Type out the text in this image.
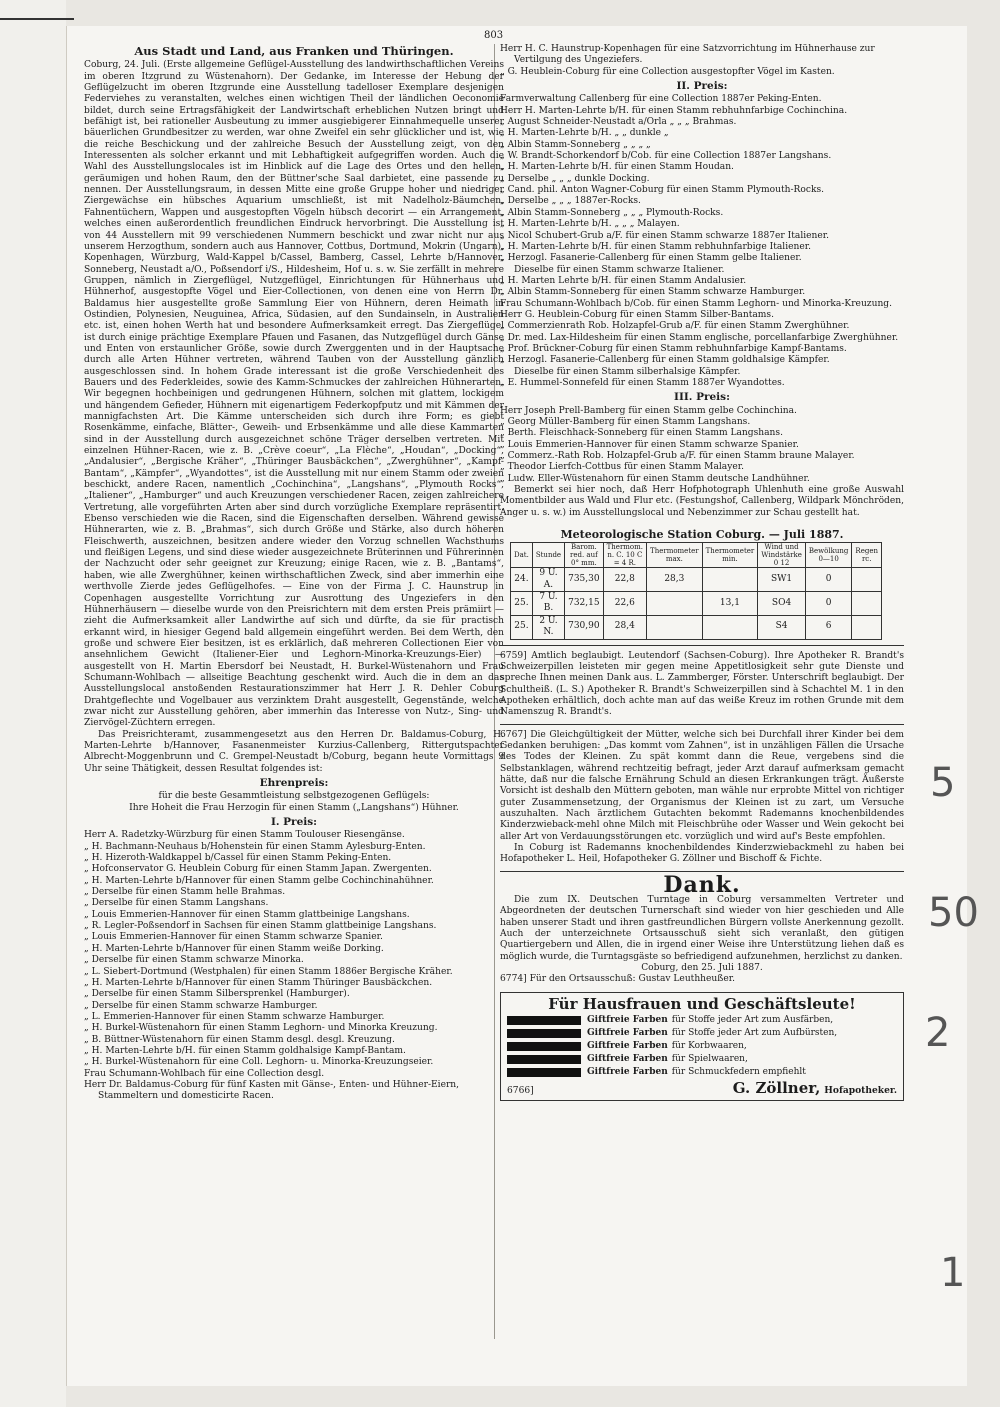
803
Aus Stadt und Land, aus Franken und Thüringen.

Coburg, 24. Juli. (Erste allgemeine Geflügel-Ausstellung des landwirthschaftlichen Vereins im oberen Itzgrund zu Wüstenahorn). Der Gedanke, im Interesse der Hebung der Geflügelzucht im oberen Itzgrunde eine Ausstellung tadelloser Exemplare desjenigen Federviehes zu veranstalten, welches einen wichtigen Theil der ländlichen Oeconomie bildet, durch seine Ertragsfähigkeit der Landwirtschaft erheblichen Nutzen bringt und befähigt ist, bei rationeller Ausbeutung zu immer ausgiebigerer Einnahmequelle unserer bäuerlichen Grundbesitzer zu werden, war ohne Zweifel ein sehr glücklicher und ist, wie die reiche Beschickung und der zahlreiche Besuch der Ausstellung zeigt, von den Interessenten als solcher erkannt und mit Lebhaftigkeit aufgegriffen worden. Auch die Wahl des Ausstellungslocales ist im Hinblick auf die Lage des Ortes und den hellen, geräumigen und hohen Raum, den der Büttner'sche Saal darbietet, eine passende zu nennen. Der Ausstellungsraum, in dessen Mitte eine große Gruppe hoher und niedriger Ziergewächse ein hübsches Aquarium umschließt, ist mit Nadelholz-Bäumchen, Fahnentüchern, Wappen und ausgestopften Vögeln hübsch decorirt — ein Arrangement, welches einen außerordentlich freundlichen Eindruck hervorbringt. Die Ausstellung ist von 44 Ausstellern mit 99 verschiedenen Nummern beschickt und zwar nicht nur aus unserem Herzogthum, sondern auch aus Hannover, Cottbus, Dortmund, Mokrin (Ungarn), Kopenhagen, Würzburg, Wald-Kappel b/Cassel, Bamberg, Cassel, Lehrte b/Hannover, Sonneberg, Neustadt a/O., Poßsendorf i/S., Hildesheim, Hof u. s. w. Sie zerfällt in mehrere Gruppen, nämlich in Ziergeflügel, Nutzgeflügel, Einrichtungen für Hühnerhaus und Hühnerhof, ausgestopfte Vögel und Eier-Collectionen, von denen eine von Herrn Dr. Baldamus hier ausgestellte große Sammlung Eier von Hühnern, deren Heimath in Ostindien, Polynesien, Neuguinea, Africa, Südasien, auf den Sundainseln, in Australien etc. ist, einen hohen Werth hat und besondere Aufmerksamkeit erregt. Das Ziergeflügel ist durch einige prächtige Exemplare Pfauen und Fasanen, das Nutzgeflügel durch Gänse und Enten von erstaunlicher Größe, sowie durch Zwerggenten und in der Hauptsache durch alle Arten Hühner vertreten, während Tauben von der Ausstellung gänzlich ausgeschlossen sind. In hohem Grade interessant ist die große Verschiedenheit des Bauers und des Federkleides, sowie des Kamm-Schmuckes der zahlreichen Hühnerarten. Wir begegnen hochbeinigen und gedrungenen Hühnern, solchen mit glattem, lockigem und hängendem Gefieder, Hühnern mit eigenartigem Federkopfputz und mit Kämmen der mannigfachsten Art. Die Kämme unterscheiden sich durch ihre Form; es giebt Rosenkämme, einfache, Blätter-, Geweih- und Erbsenkämme und alle diese Kammarten sind in der Ausstellung durch ausgezeichnet schöne Träger derselben vertreten. Mit einzelnen Hühner-Racen, wie z. B. „Crève coeur“, „La Flèche“, „Houdan“, „Docking“, „Andalusier“, „Bergische Kräher“, „Thüringer Bausbäckchen“, „Zwerghühner“, „Kampf-Bantam“, „Kämpfer“, „Wyandottes“, ist die Ausstellung mit nur einem Stamm oder zweien beschickt, andere Racen, namentlich „Cochinchina“, „Langshans“, „Plymouth Rocks“, „Italiener“, „Hamburger“ und auch Kreuzungen verschiedener Racen, zeigen zahlreichere Vertretung, alle vorgeführten Arten aber sind durch vorzügliche Exemplare repräsentirt. Ebenso verschieden wie die Racen, sind die Eigenschaften derselben. Während gewisse Hühnerarten, wie z. B. „Brahmas“, sich durch Größe und Stärke, also durch höheren Fleischwerth, auszeichnen, besitzen andere wieder den Vorzug schnellen Wachsthums und fleißigen Legens, und sind diese wieder ausgezeichnete Brüterinnen und Führerinnen der Nachzucht oder sehr geeignet zur Kreuzung; einige Racen, wie z. B. „Bantams“, haben, wie alle Zwerghühner, keinen wirthschaftlichen Zweck, sind aber immerhin eine werthvolle Zierde jedes Geflügelhofes. — Eine von der Firma J. C. Haunstrup in Copenhagen ausgestellte Vorrichtung zur Ausrottung des Ungeziefers in den Hühnerhäusern — dieselbe wurde von den Preisrichtern mit dem ersten Preis prämiirt — zieht die Aufmerksamkeit aller Landwirthe auf sich und dürfte, da sie für practisch erkannt wird, in hiesiger Gegend bald allgemein eingeführt werden. Bei dem Werth, den große und schwere Eier besitzen, ist es erklärlich, daß mehreren Collectionen Eier von ansehnlichem Gewicht (Italiener-Eier und Leghorn-Minorka-Kreuzungs-Eier) — ausgestellt von H. Martin Ebersdorf bei Neustadt, H. Burkel-Wüstenahorn und Frau Schumann-Wohlbach — allseitige Beachtung geschenkt wird. Auch die in dem an das Ausstellungslocal anstoßenden Restaurationszimmer hat Herr J. R. Dehler Coburg Drahtgeflechte und Vogelbauer aus verzinktem Draht ausgestellt, Gegenstände, welche zwar nicht zur Ausstellung gehören, aber immerhin das Interesse von Nutz-, Sing- und Ziervögel-Züchtern erregen.

Das Preisrichteramt, zusammengesetzt aus den Herren Dr. Baldamus-Coburg, H. Marten-Lehrte b/Hannover, Fasanenmeister Kurzius-Callenberg, Rittergutspachter Albrecht-Moggenbrunn und C. Grempel-Neustadt b/Coburg, begann heute Vormittags 9 Uhr seine Thätigkeit, dessen Resultat folgendes ist:

Ehrenpreis:

für die beste Gesammtleistung selbstgezogenen Geflügels:

Ihre Hoheit die Frau Herzogin für einen Stamm („Langshans“) Hühner.

I. Preis:

Herr A. Radetzky-Würzburg für einen Stamm Toulouser Riesengänse.

„ H. Bachmann-Neuhaus b/Hohenstein für einen Stamm Aylesburg-Enten.

„ H. Hizeroth-Waldkappel b/Cassel für einen Stamm Peking-Enten.

„ Hofconservator G. Heublein Coburg für einen Stamm Japan. Zwergenten.

„ H. Marten-Lehrte b/Hannover für einen Stamm gelbe Cochinchinahühner.

„ Derselbe für einen Stamm helle Brahmas.

„ Derselbe für einen Stamm Langshans.

„ Louis Emmerien-Hannover für einen Stamm glattbeinige Langshans.

„ R. Legler-Poßsendorf in Sachsen für einen Stamm glattbeinige Langshans.

„ Louis Emmerien-Hannover für einen Stamm schwarze Spanier.

„ H. Marten-Lehrte b/Hannover für einen Stamm weiße Dorking.

„ Derselbe für einen Stamm schwarze Minorka.

„ L. Siebert-Dortmund (Westphalen) für einen Stamm 1886er Bergische Kräher.

„ H. Marten-Lehrte b/Hannover für einen Stamm Thüringer Bausbäckchen.

„ Derselbe für einen Stamm Silbersprenkel (Hamburger).

„ Derselbe für einen Stamm schwarze Hamburger.

„ L. Emmerien-Hannover für einen Stamm schwarze Hamburger.

„ H. Burkel-Wüstenahorn für einen Stamm Leghorn- und Minorka Kreuzung.

„ B. Büttner-Wüstenahorn für einen Stamm desgl. desgl. Kreuzung.

„ H. Marten-Lehrte b/H. für einen Stamm goldhalsige Kampf-Bantam.

„ H. Burkel-Wüstenahorn für eine Coll. Leghorn- u. Minorka-Kreuzungseier.

Frau Schumann-Wohlbach für eine Collection desgl.

Herr Dr. Baldamus-Coburg für fünf Kasten mit Gänse-, Enten- und Hühner-Eiern, Stammeltern und domesticirte Racen.

Herr H. C. Haunstrup-Kopenhagen für eine Satzvorrichtung im Hühnerhause zur Vertilgung des Ungeziefers.

„ G. Heublein-Coburg für eine Collection ausgestopfter Vögel im Kasten.

II. Preis:

Farmverwaltung Callenberg für eine Collection 1887er Peking-Enten.

Herr H. Marten-Lehrte b/H. für einen Stamm rebhuhnfarbige Cochinchina.

„ August Schneider-Neustadt a/Orla „ „ „ Brahmas.

„ H. Marten-Lehrte b/H. „ „ dunkle „

„ Albin Stamm-Sonneberg „ „ „ „

„ W. Brandt-Schorkendorf b/Cob. für eine Collection 1887er Langshans.

„ H. Marten-Lehrte b/H. für einen Stamm Houdan.

„ Derselbe „ „ „ dunkle Docking.

„ Cand. phil. Anton Wagner-Coburg für einen Stamm Plymouth-Rocks.

„ Derselbe „ „ „ 1887er-Rocks.

„ Albin Stamm-Sonneberg „ „ „ Plymouth-Rocks.

„ H. Marten-Lehrte b/H. „ „ „ Malayen.

„ Nicol Schubert-Grub a/F. für einen Stamm schwarze 1887er Italiener.

„ H. Marten-Lehrte b/H. für einen Stamm rebhuhnfarbige Italiener.

„ Herzogl. Fasanerie-Callenberg für einen Stamm gelbe Italiener.

Dieselbe für einen Stamm schwarze Italiener.

„ H. Marten Lehrte b/H. für einen Stamm Andalusier.

„ Albin Stamm-Sonneberg für einen Stamm schwarze Hamburger.

Frau Schumann-Wohlbach b/Cob. für einen Stamm Leghorn- und Minorka-Kreuzung.

Herr G. Heublein-Coburg für einen Stamm Silber-Bantams.

„ Commerzienrath Rob. Holzapfel-Grub a/F. für einen Stamm Zwerghühner.

„ Dr. med. Lax-Hildesheim für einen Stamm englische, porcellanfarbige Zwerghühner.

„ Prof. Brückner-Coburg für einen Stamm rebhuhnfarbige Kampf-Bantams.

„ Herzogl. Fasanerie-Callenberg für einen Stamm goldhalsige Kämpfer.

Dieselbe für einen Stamm silberhalsige Kämpfer.

„ E. Hummel-Sonnefeld für einen Stamm 1887er Wyandottes.

III. Preis:

Herr Joseph Prell-Bamberg für einen Stamm gelbe Cochinchina.

„ Georg Müller-Bamberg für einen Stamm Langshans.

„ Berth. Fleischhack-Sonneberg für einen Stamm Langshans.

„ Louis Emmerien-Hannover für einen Stamm schwarze Spanier.

„ Commerz.-Rath Rob. Holzapfel-Grub a/F. für einen Stamm braune Malayer.

„ Theodor Lierfch-Cottbus für einen Stamm Malayer.

„ Ludw. Eller-Wüstenahorn für einen Stamm deutsche Landhühner.

Bemerkt sei hier noch, daß Herr Hofphotograph Uhlenhuth eine große Auswahl Momentbilder aus Wald und Flur etc. (Festungshof, Callenberg, Wildpark Mönchröden, Anger u. s. w.) im Ausstellungslocal und Nebenzimmer zur Schau gestellt hat.

Meteorologische Station Coburg. — Juli 1887.
Dat.	Stunde	Barom. red. auf 0° mm.	Thermom. n. C. 10 C = 4 R.	Thermometer max.	Thermometer min.	Wind und Windstärke 0 12	Bewölkung 0—10	Regen rc.
24.	9 U. A.	735,30	22,8	28,3		SW1	0	
25.	7 U. B.	732,15	22,6		13,1	SO4	0	
25.	2 U. N.	730,90	28,4			S4	6	

6759] Amtlich beglaubigt. Leutendorf (Sachsen-Coburg). Ihre Apotheker R. Brandt's Schweizerpillen leisteten mir gegen meine Appetitlosigkeit sehr gute Dienste und spreche Ihnen meinen Dank aus. L. Zammberger, Förster. Unterschrift beglaubigt. Der Schultheiß. (L. S.) Apotheker R. Brandt's Schweizerpillen sind à Schachtel M. 1 in den Apotheken erhältlich, doch achte man auf das weiße Kreuz im rothen Grunde mit dem Namenszug R. Brandt's.

6767] Die Gleichgültigkeit der Mütter, welche sich bei Durchfall ihrer Kinder bei dem Gedanken beruhigen: „Das kommt vom Zahnen“, ist in unzähligen Fällen die Ursache des Todes der Kleinen. Zu spät kommt dann die Reue, vergebens sind die Selbstanklagen, während rechtzeitig befragt, jeder Arzt darauf aufmerksam gemacht hätte, daß nur die falsche Ernährung Schuld an diesen Erkrankungen trägt. Äußerste Vorsicht ist deshalb den Müttern geboten, man wähle nur erprobte Mittel von richtiger guter Zusammensetzung, der Organismus der Kleinen ist zu zart, um Versuche auszuhalten. Nach ärztlichem Gutachten bekommt Rademanns knochenbildendes Kinderzwieback-mehl ohne Milch mit Fleischbrühe oder Wasser und Wein gekocht bei aller Art von Verdauungsstörungen etc. vorzüglich und wird auf's Beste empfohlen.

In Coburg ist Rademanns knochenbildendes Kinderzwiebackmehl zu haben bei Hofapotheker L. Heil, Hofapotheker G. Zöllner und Bischoff & Fichte.

Dank.

Die zum IX. Deutschen Turntage in Coburg versammelten Vertreter und Abgeordneten der deutschen Turnerschaft sind wieder von hier geschieden und Alle haben unserer Stadt und ihren gastfreundlichen Bürgern vollste Anerkennung gezollt. Auch der unterzeichnete Ortsausschuß sieht sich veranlaßt, den gütigen Quartiergebern und Allen, die in irgend einer Weise ihre Unterstützung liehen daß es möglich wurde, die Turntagsgäste so befriedigend aufzunehmen, herzlichst zu danken.

Coburg, den 25. Juli 1887.

6774] Für den Ortsausschuß: Gustav Leuthheußer.

Für Hausfrauen und Geschäftsleute!
Giftfreie Farben für Stoffe jeder Art zum Ausfärben,
Giftfreie Farben für Stoffe jeder Art zum Aufbürsten,
Giftfreie Farben für Korbwaaren,
Giftfreie Farben für Spielwaaren,
Giftfreie Farben für Schmuckfedern empfiehlt
6766]	G. Zöllner, Hofapotheker.
5
50
2
1
